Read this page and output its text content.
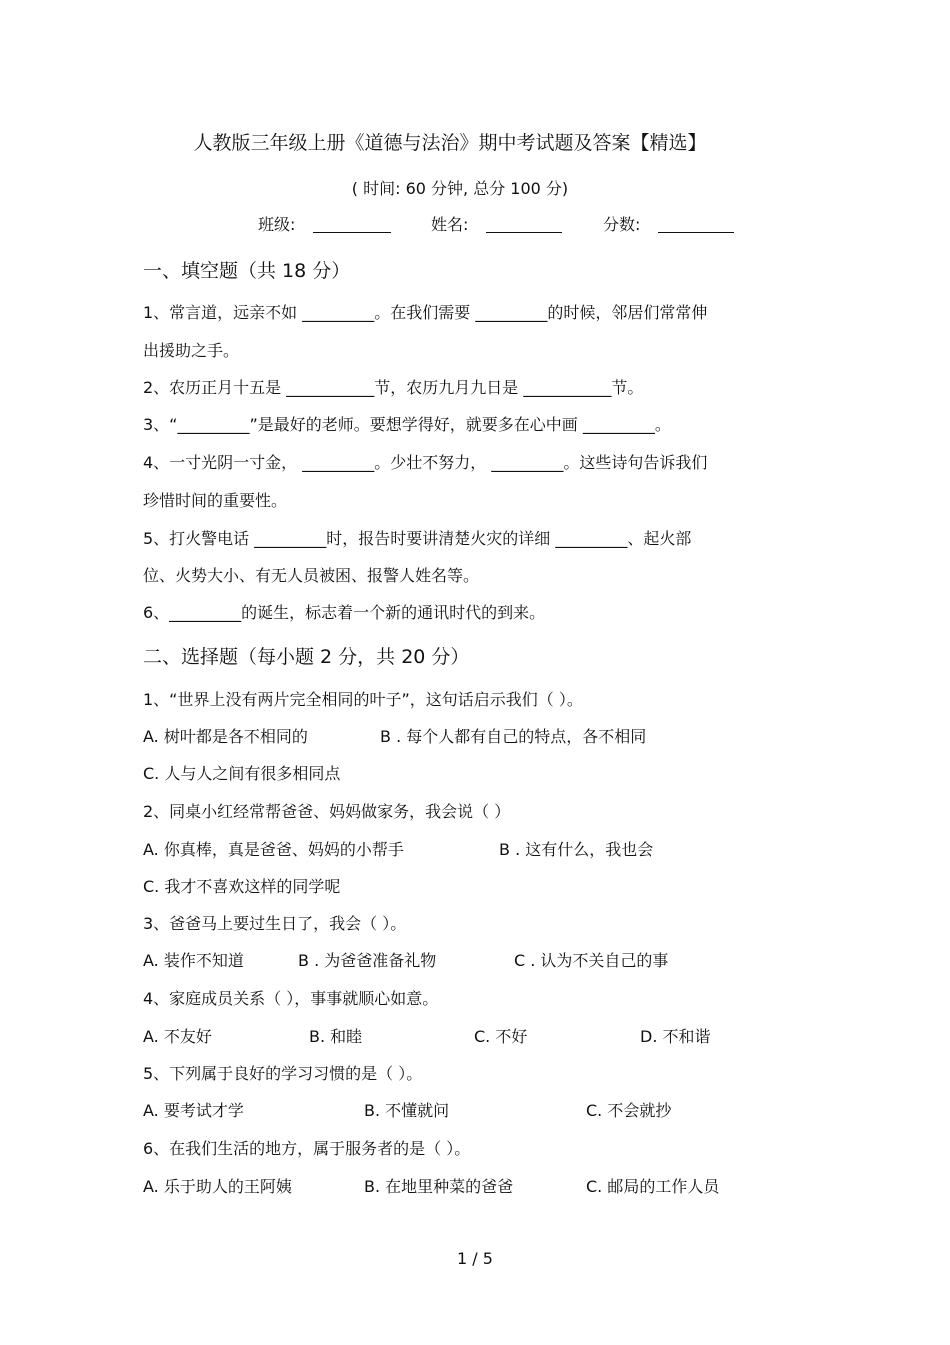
人教版三年级上册《道德与法治》期中考试题及答案【精选】
( 时间: 60 分钟, 总分 100 分)
班级:	姓名:	分数:
一、填空题（共 18 分）
1、常言道，远亲不如 _________。在我们需要 _________的时候，邻居们常常伸
出援助之手。
2、农历正月十五是 ___________节，农历九月九日是 ___________节。
3、“_________”是最好的老师。要想学得好，就要多在心中画 _________。
4、一寸光阴一寸金， _________。少壮不努力， _________。这些诗句告诉我们
珍惜时间的重要性。
5、打火警电话 _________时，报告时要讲清楚火灾的详细 _________、起火部
位、火势大小、有无人员被困、报警人姓名等。
6、_________的诞生，标志着一个新的通讯时代的到来。
二、选择题（每小题 2 分，共 20 分）
1、“世界上没有两片完全相同的叶子”，这句话启示我们（ ）。
A. 树叶都是各不相同的	B . 每个人都有自己的特点，各不相同
C. 人与人之间有很多相同点
2、同桌小红经常帮爸爸、妈妈做家务，我会说（ ）
A. 你真棒，真是爸爸、妈妈的小帮手	B . 这有什么，我也会
C. 我才不喜欢这样的同学呢
3、爸爸马上要过生日了，我会（ ）。
A. 装作不知道	B . 为爸爸准备礼物	C . 认为不关自己的事
4、家庭成员关系（ ），事事就顺心如意。
A. 不友好	B. 和睦	C. 不好	D. 不和谐
5、下列属于良好的学习习惯的是（ ）。
A. 要考试才学	B. 不懂就问	C. 不会就抄
6、在我们生活的地方，属于服务者的是（ ）。
A. 乐于助人的王阿姨	B. 在地里种菜的爸爸	C. 邮局的工作人员
1 / 5
